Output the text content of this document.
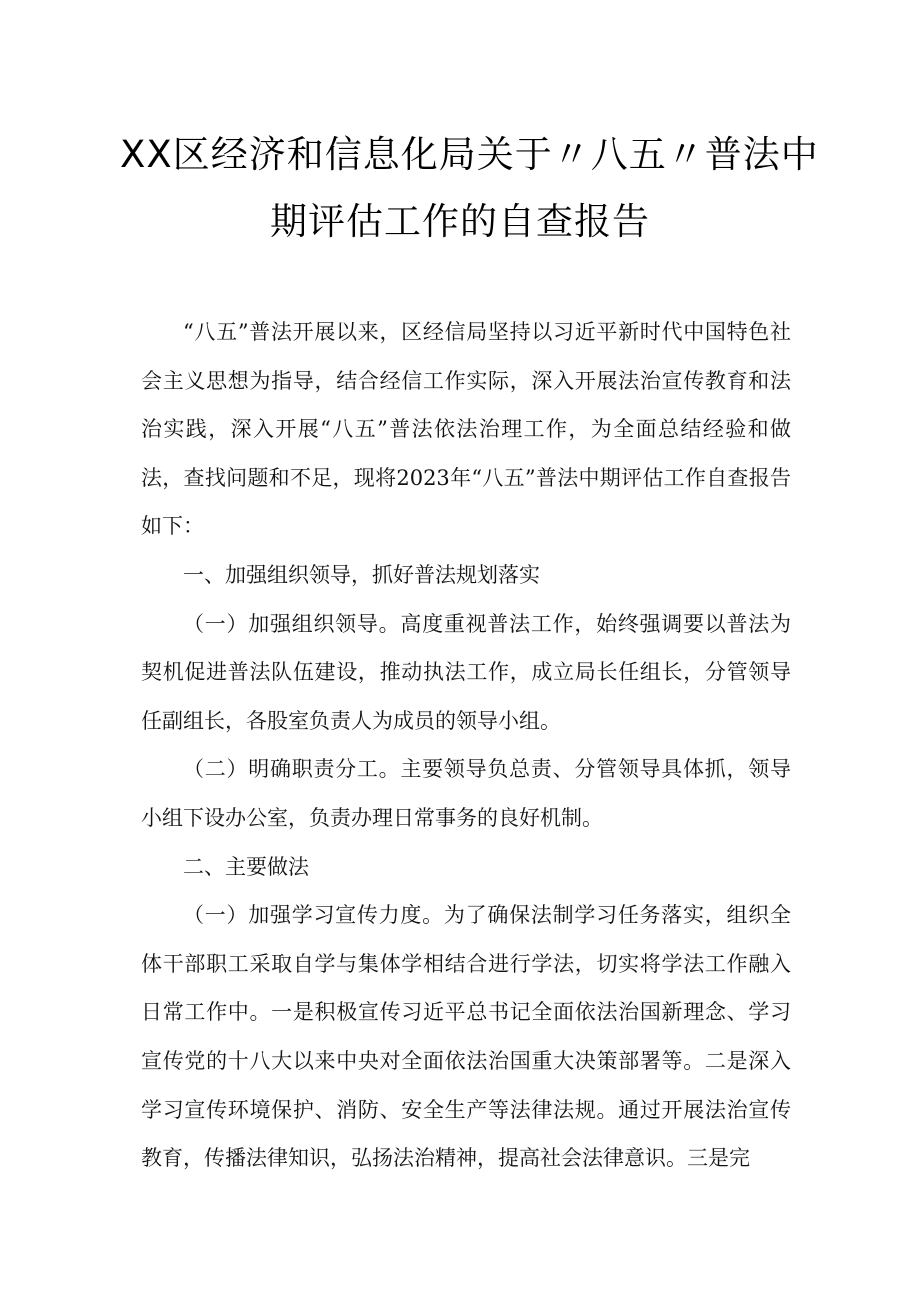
XX区经济和信息化局关于〃八五〃普法中
期评估工作的自查报告

“八五”普法开展以来，区经信局坚持以习近平新时代中国特色社会主义思想为指导，结合经信工作实际，深入开展法治宣传教育和法治实践，深入开展“八五”普法依法治理工作，为全面总结经验和做法，查找问题和不足，现将2023年“八五”普法中期评估工作自查报告如下：

一、加强组织领导，抓好普法规划落实

（一）加强组织领导。高度重视普法工作，始终强调要以普法为契机促进普法队伍建设，推动执法工作，成立局长任组长，分管领导任副组长，各股室负责人为成员的领导小组。

（二）明确职责分工。主要领导负总责、分管领导具体抓，领导小组下设办公室，负责办理日常事务的良好机制。

二、主要做法

（一）加强学习宣传力度。为了确保法制学习任务落实，组织全体干部职工采取自学与集体学相结合进行学法，切实将学法工作融入日常工作中。一是积极宣传习近平总书记全面依法治国新理念、学习宣传党的十八大以来中央对全面依法治国重大决策部署等。二是深入学习宣传环境保护、消防、安全生产等法律法规。通过开展法治宣传教育，传播法律知识，弘扬法治精神，提高社会法律意识。三是完
